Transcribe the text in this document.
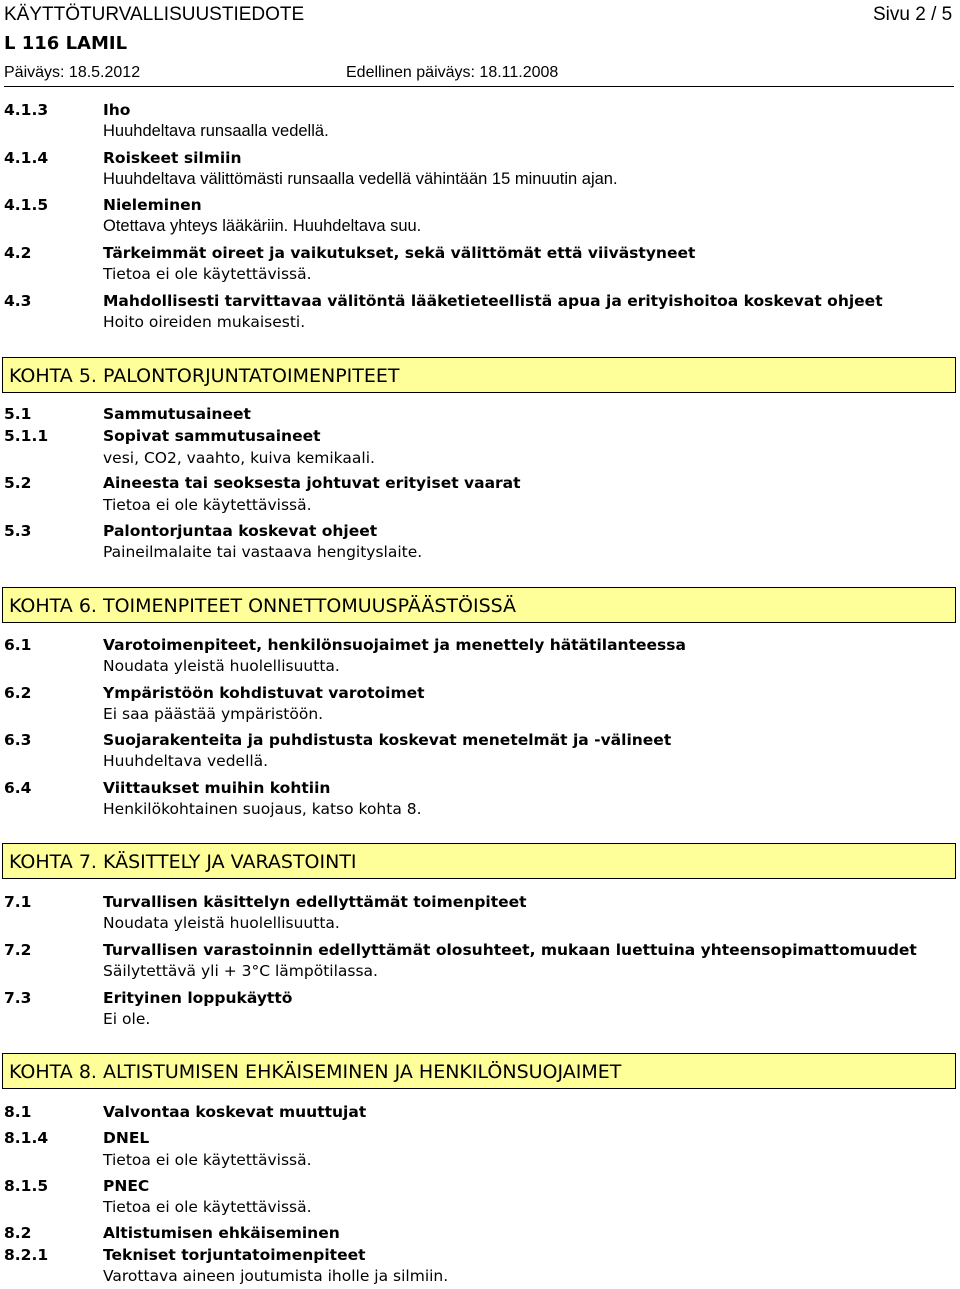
KÄYTTÖTURVALLISUUSTIEDOTE	Sivu 2 / 5
L 116 LAMIL
Päiväys: 18.5.2012	Edellinen päiväys: 18.11.2008
4.1.3	Iho
Huuhdeltava runsaalla vedellä.
4.1.4	Roiskeet silmiin
Huuhdeltava välittömästi runsaalla vedellä vähintään 15 minuutin ajan.
4.1.5	Nieleminen
Otettava yhteys lääkäriin. Huuhdeltava suu.
4.2	Tärkeimmät oireet ja vaikutukset, sekä välittömät että viivästyneet
Tietoa ei ole käytettävissä.
4.3	Mahdollisesti tarvittavaa välitöntä lääketieteellistä apua ja erityishoitoa koskevat ohjeet
Hoito oireiden mukaisesti.
KOHTA 5. PALONTORJUNTATOIMENPITEET
5.1	Sammutusaineet
5.1.1	Sopivat sammutusaineet
vesi, CO2, vaahto, kuiva kemikaali.
5.2	Aineesta tai seoksesta johtuvat erityiset vaarat
Tietoa ei ole käytettävissä.
5.3	Palontorjuntaa koskevat ohjeet
Paineilmalaite tai vastaava hengityslaite.
KOHTA 6. TOIMENPITEET ONNETTOMUUSPÄÄSTÖISSÄ
6.1	Varotoimenpiteet, henkilönsuojaimet ja menettely hätätilanteessa
Noudata yleistä huolellisuutta.
6.2	Ympäristöön kohdistuvat varotoimet
Ei saa päästää ympäristöön.
6.3	Suojarakenteita ja puhdistusta koskevat menetelmät ja -välineet
Huuhdeltava vedellä.
6.4	Viittaukset muihin kohtiin
Henkilökohtainen suojaus, katso kohta 8.
KOHTA 7. KÄSITTELY JA VARASTOINTI
7.1	Turvallisen käsittelyn edellyttämät toimenpiteet
Noudata yleistä huolellisuutta.
7.2	Turvallisen varastoinnin edellyttämät olosuhteet, mukaan luettuina yhteensopimattomuudet
Säilytettävä yli + 3°C lämpötilassa.
7.3	Erityinen loppukäyttö
Ei ole.
KOHTA 8. ALTISTUMISEN EHKÄISEMINEN JA HENKILÖNSUOJAIMET
8.1	Valvontaa koskevat muuttujat
8.1.4	DNEL
Tietoa ei ole käytettävissä.
8.1.5	PNEC
Tietoa ei ole käytettävissä.
8.2	Altistumisen ehkäiseminen
8.2.1	Tekniset torjuntatoimenpiteet
Varottava aineen joutumista iholle ja silmiin.
